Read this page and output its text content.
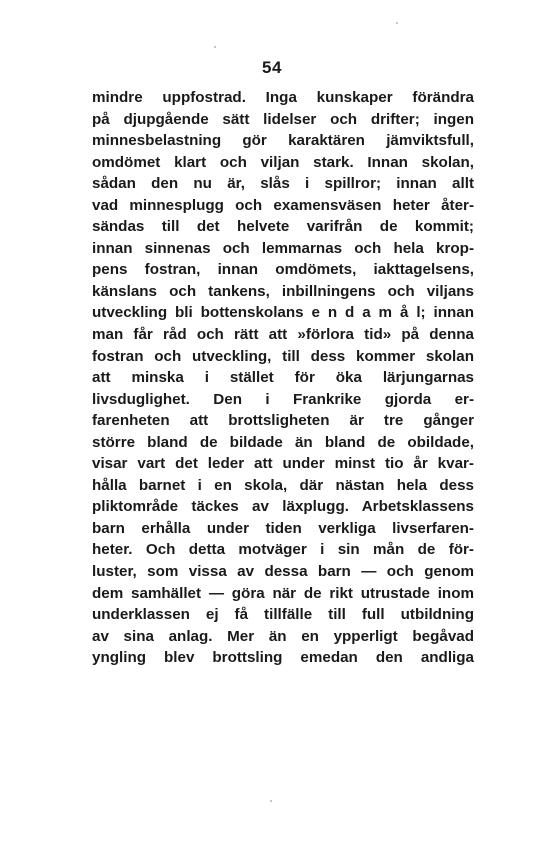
54
mindre uppfostrad. Inga kunskaper förändra
på djupgående sätt lidelser och drifter; ingen
minnesbelastning gör karaktären jämviktsfull,
omdömet klart och viljan stark. Innan skolan,
sådan den nu är, slås i spillror; innan allt
vad minnesplugg och examensväsen heter åter-
sändas till det helvete varifrån de kommit;
innan sinnenas och lemmarnas och hela krop-
pens fostran, innan omdömets, iakttagelsens,
känslans och tankens, inbillningens och viljans
utveckling bli bottenskolans e n d a m å l; innan
man får råd och rätt att »förlora tid» på denna
fostran och utveckling, till dess kommer skolan
att minska i stället för öka lärjungarnas
livsduglighet. Den i Frankrike gjorda er-
farenheten att brottsligheten är tre gånger
större bland de bildade än bland de obildade,
visar vart det leder att under minst tio år kvar-
hålla barnet i en skola, där nästan hela dess
pliktområde täckes av läxplugg. Arbetsklassens
barn erhålla under tiden verkliga livserfaren-
heter. Och detta motväger i sin mån de för-
luster, som vissa av dessa barn — och genom
dem samhället — göra när de rikt utrustade inom
underklassen ej få tillfälle till full utbildning
av sina anlag. Mer än en ypperligt begåvad
yngling blev brottsling emedan den andliga
